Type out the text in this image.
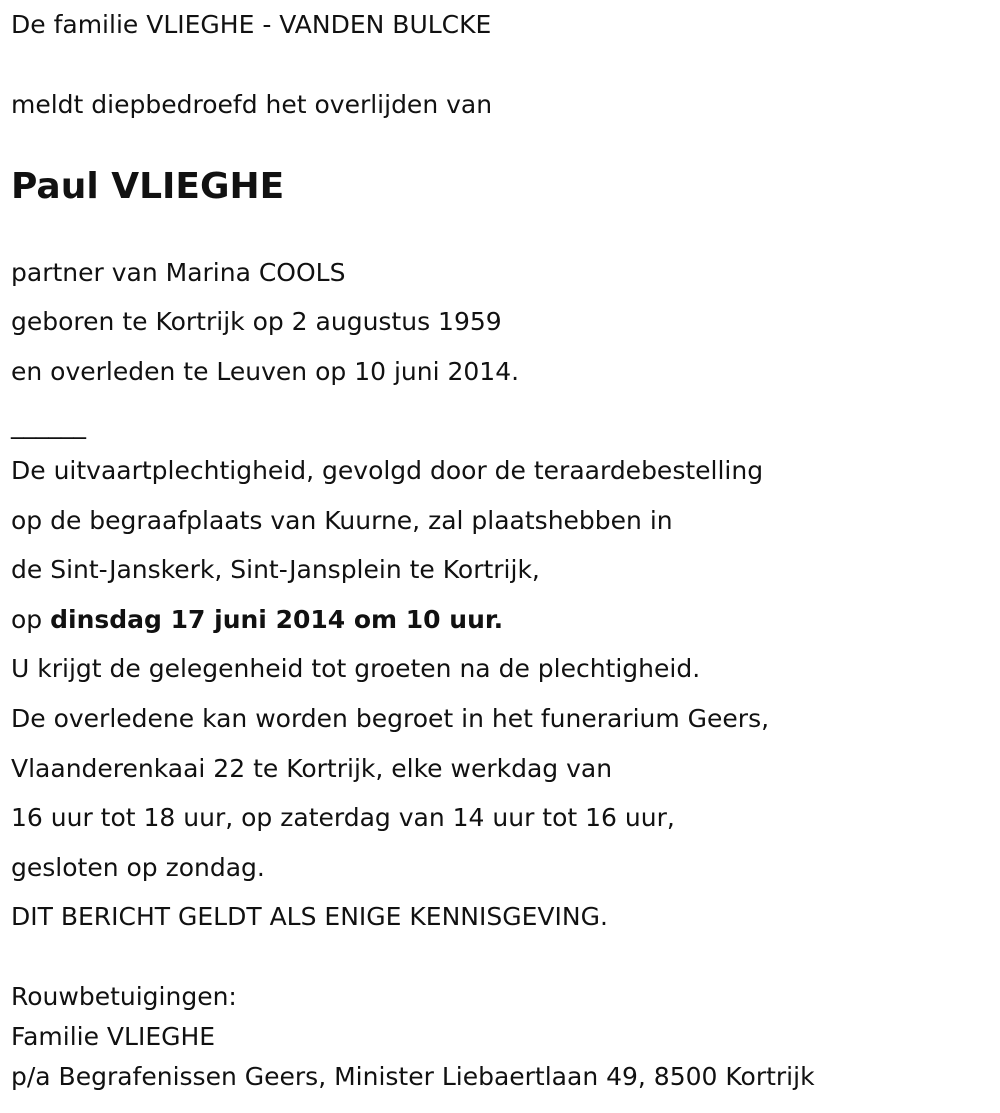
De familie VLIEGHE - VANDEN BULCKE
meldt diepbedroefd het overlijden van
Paul VLIEGHE
partner van Marina COOLS
geboren te Kortrijk op 2 augustus 1959
en overleden te Leuven op 10 juni 2014.
______
De uitvaartplechtigheid, gevolgd door de teraardebestelling
op de begraafplaats van Kuurne, zal plaatshebben in
de Sint-Janskerk, Sint-Jansplein te Kortrijk,
op dinsdag 17 juni 2014 om 10 uur.
U krijgt de gelegenheid tot groeten na de plechtigheid.
De overledene kan worden begroet in het funerarium Geers,
Vlaanderenkaai 22 te Kortrijk, elke werkdag van
16 uur tot 18 uur, op zaterdag van 14 uur tot 16 uur,
gesloten op zondag.
DIT BERICHT GELDT ALS ENIGE KENNISGEVING.
Rouwbetuigingen:
Familie VLIEGHE
p/a Begrafenissen Geers, Minister Liebaertlaan 49, 8500 Kortrijk
